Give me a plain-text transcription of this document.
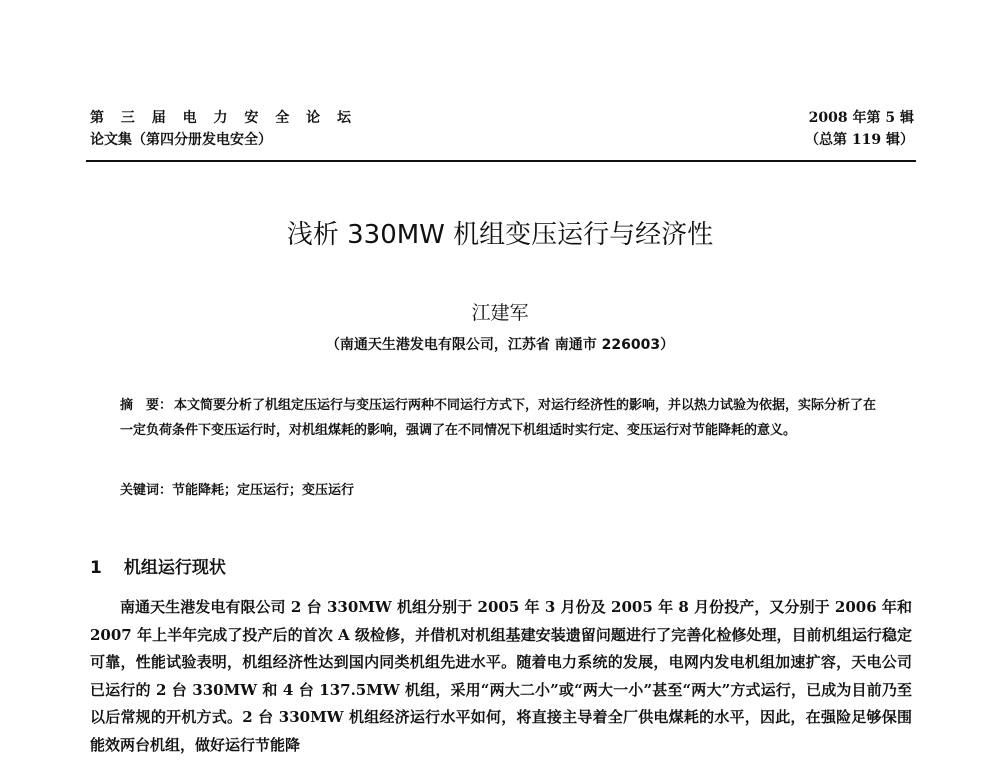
第 三 届 电 力 安 全 论 坛
论文集（第四分册发电安全）
2008 年第 5 辑
（总第 119 辑）
浅析 330MW 机组变压运行与经济性
江建军
（南通天生港发电有限公司，江苏省 南通市 226003）
摘　要： 本文简要分析了机组定压运行与变压运行两种不同运行方式下，对运行经济性的影响，并以热力试验为依据，实际分析了在一定负荷条件下变压运行时，对机组煤耗的影响，强调了在不同情况下机组适时实行定、变压运行对节能降耗的意义。
关键词：节能降耗；定压运行；变压运行
1 机组运行现状
南通天生港发电有限公司 2 台 330MW 机组分别于 2005 年 3 月份及 2005 年 8 月份投产，又分别于 2006 年和 2007 年上半年完成了投产后的首次 A 级检修，并借机对机组基建安装遗留问题进行了完善化检修处理，目前机组运行稳定可靠，性能试验表明，机组经济性达到国内同类机组先进水平。随着电力系统的发展，电网内发电机组加速扩容，天电公司已运行的 2 台 330MW 和 4 台 137.5MW 机组，采用“两大二小”或“两大一小”甚至“两大”方式运行，已成为目前乃至以后常规的开机方式。2 台 330MW 机组经济运行水平如何，将直接主导着全厂供电煤耗的水平，因此，在强险足够保围能效两台机组，做好运行节能降
